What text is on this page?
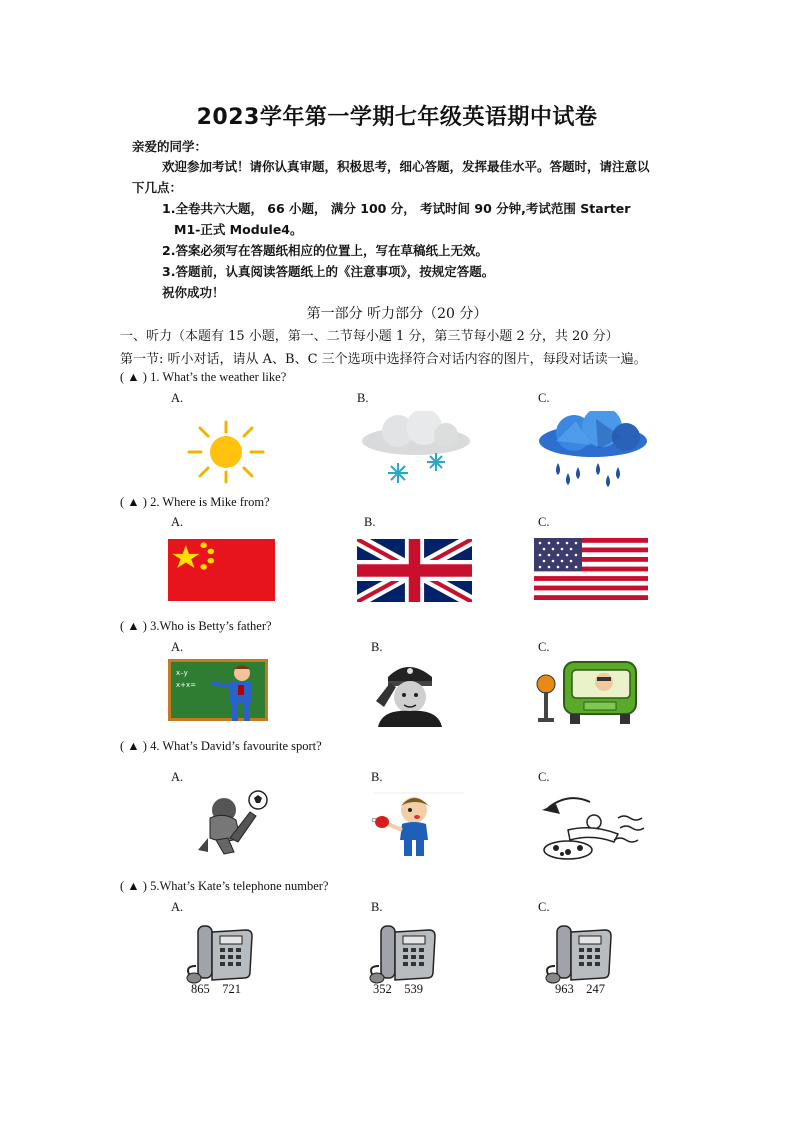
2023学年第一学期七年级英语期中试卷
亲爱的同学：
欢迎参加考试！请你认真审题，积极思考，细心答题，发挥最佳水平。答题时，请注意以
下几点：
1.全卷共六大题， 66 小题， 满分 100 分， 考试时间 90 分钟,考试范围 Starter
M1-正式 Module4。
2.答案必须写在答题纸相应的位置上，写在草稿纸上无效。
3.答题前，认真阅读答题纸上的《注意事项》，按规定答题。
祝你成功！
第一部分 听力部分（20 分）
一、听力（本题有 15 小题，第一、二节每小题 1 分，第三节每小题 2 分，共 20 分）
第一节: 听小对话，请从 A、B、C 三个选项中选择符合对话内容的图片，每段对话读一遍。
( ▲ ) 1. What’s the weather like?
A.	B.	C.
( ▲ ) 2. Where is Mike from?
A.	B.	C.
( ▲ ) 3.Who is Betty’s father?
A.	B.	C.
x–y
x+x=
( ▲ ) 4. What’s David’s favourite sport?
A.	B.	C.
( ▲ ) 5.What’s Kate’s telephone number?
A.	B.	C.
865    721	352    539	963    247
